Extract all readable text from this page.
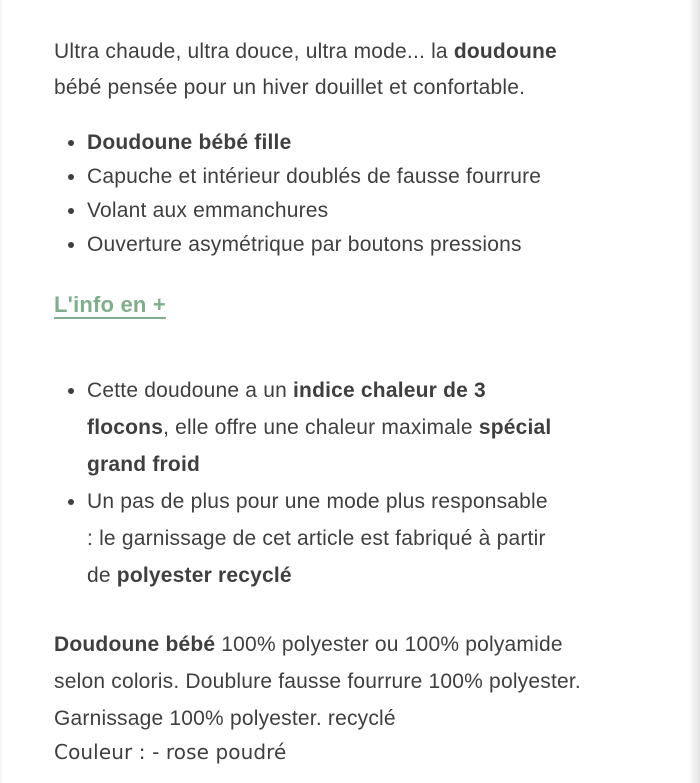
Ultra chaude, ultra douce, ultra mode... la doudoune bébé pensée pour un hiver douillet et confortable.

• Doudoune bébé fille
• Capuche et intérieur doublés de fausse fourrure
• Volant aux emmanchures
• Ouverture asymétrique par boutons pressions
L'info en +
• Cette doudoune a un indice chaleur de 3 flocons, elle offre une chaleur maximale spécial grand froid
• Un pas de plus pour une mode plus responsable : le garnissage de cet article est fabriqué à partir de polyester recyclé

Doudoune bébé 100% polyester ou 100% polyamide selon coloris. Doublure fausse fourrure 100% polyester. Garnissage 100% polyester. recyclé

Couleur : - rose poudré
